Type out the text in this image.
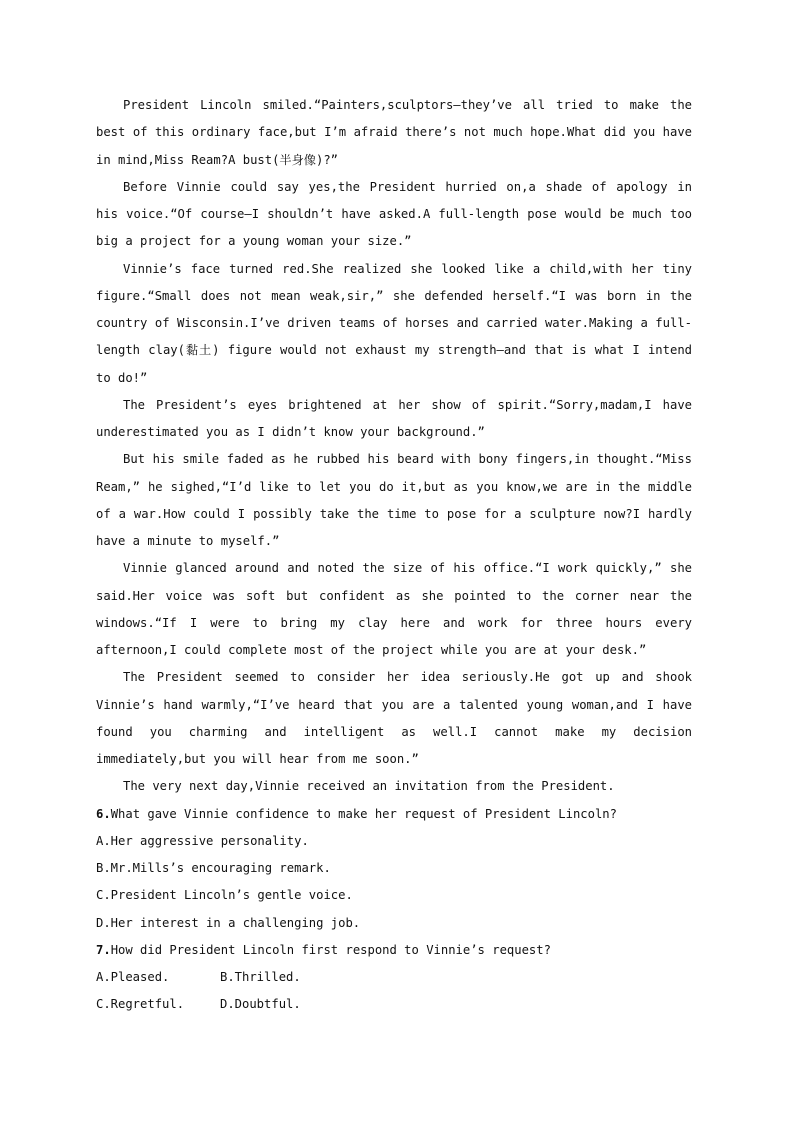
President Lincoln smiled.“Painters,sculptors—they’ve all tried to make the best of this ordinary face,but I’m afraid there’s not much hope.What did you have in mind,Miss Ream?A bust(半身像)?”

Before Vinnie could say yes,the President hurried on,a shade of apology in his voice.“Of course—I shouldn’t have asked.A full-length pose would be much too big a project for a young woman your size.”

Vinnie’s face turned red.She realized she looked like a child,with her tiny figure.“Small does not mean weak,sir,” she defended herself.“I was born in the country of Wisconsin.I’ve driven teams of horses and carried water.Making a full-length clay(黏土) figure would not exhaust my strength—and that is what I intend to do!”

The President’s eyes brightened at her show of spirit.“Sorry,madam,I have underestimated you as I didn’t know your background.”

But his smile faded as he rubbed his beard with bony fingers,in thought.“Miss Ream,” he sighed,“I’d like to let you do it,but as you know,we are in the middle of a war.How could I possibly take the time to pose for a sculpture now?I hardly have a minute to myself.”

Vinnie glanced around and noted the size of his office.“I work quickly,” she said.Her voice was soft but confident as she pointed to the corner near the windows.“If I were to bring my clay here and work for three hours every afternoon,I could complete most of the project while you are at your desk.”

The President seemed to consider her idea seriously.He got up and shook Vinnie’s hand warmly,“I’ve heard that you are a talented young woman,and I have found you charming and intelligent as well.I cannot make my decision immediately,but you will hear from me soon.”

The very next day,Vinnie received an invitation from the President.

6.What gave Vinnie confidence to make her request of President Lincoln?

A.Her aggressive personality.

B.Mr.Mills’s encouraging remark.

C.President Lincoln’s gentle voice.

D.Her interest in a challenging job.

7.How did President Lincoln first respond to Vinnie’s request?

A.Pleased.	B.Thrilled.
C.Regretful.	D.Doubtful.
